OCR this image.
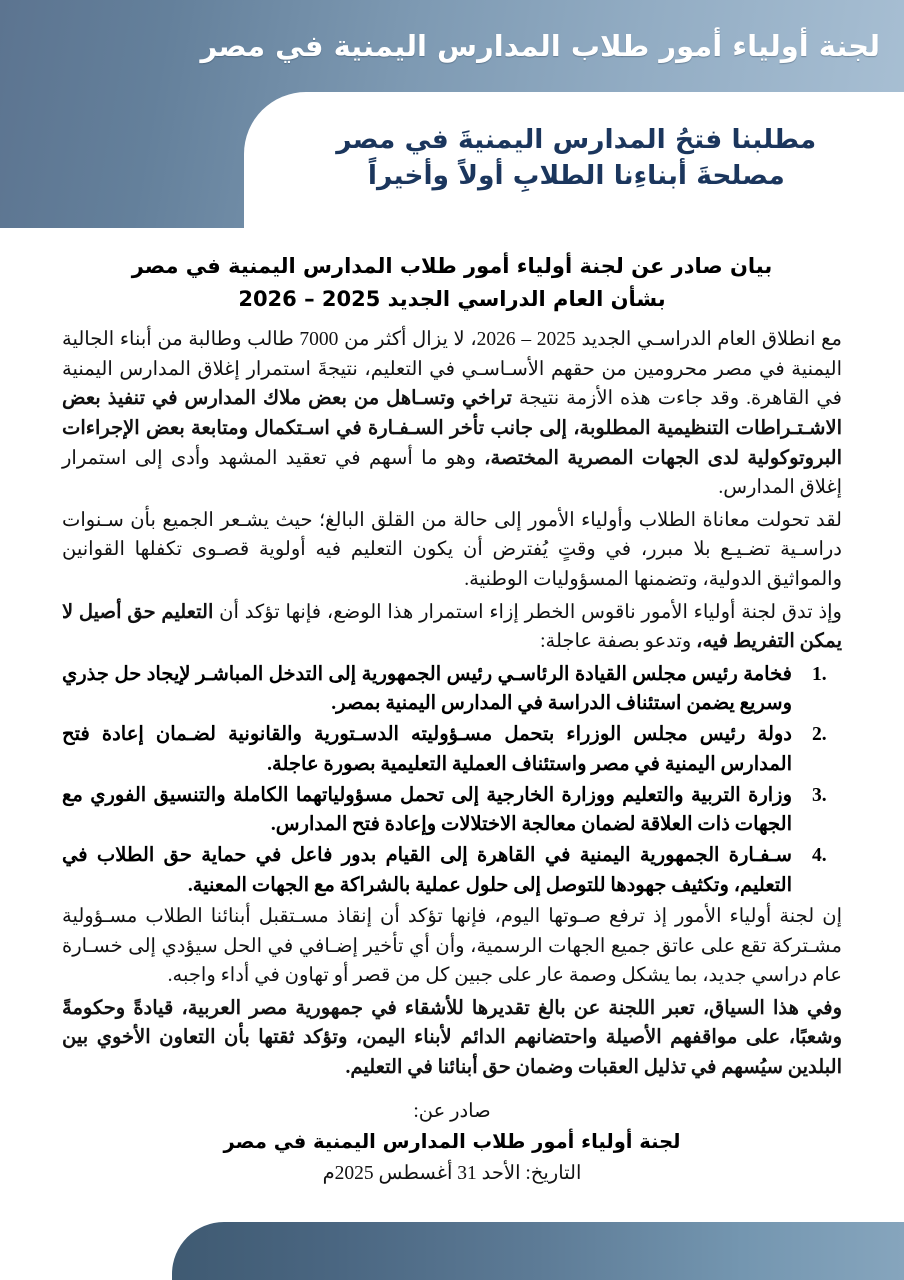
لجنة أولياء أمور طلاب المدارس اليمنية في مصر
مطلبنا فتحُ المدارس اليمنيةَ في مصر
مصلحةَ أبناءِنا الطلابِ أولاً وأخيراً
بيان صادر عن لجنة أولياء أمور طلاب المدارس اليمنية في مصر
بشأن العام الدراسي الجديد 2025 – 2026

مع انطلاق العام الدراسـي الجديد 2025 – 2026، لا يزال أكثر من 7000 طالب وطالبة من أبناء الجالية اليمنية في مصر محرومين من حقهم الأسـاسـي في التعليم، نتيجةَ استمرار إغلاق المدارس اليمنية في القاهرة. وقد جاءت هذه الأزمة نتيجة تراخي وتسـاهل من بعض ملاك المدارس في تنفيذ بعض الاشـتـراطات التنظيمية المطلوبة، إلى جانب تأخر السـفـارة في اسـتكمال ومتابعة بعض الإجراءات البروتوكولية لدى الجهات المصرية المختصة، وهو ما أسهم في تعقيد المشهد وأدى إلى استمرار إغلاق المدارس.

لقد تحولت معاناة الطلاب وأولياء الأمور إلى حالة من القلق البالغ؛ حيث يشـعر الجميع بأن سـنوات دراسـية تضـيـع بلا مبرر، في وقتٍ يُفترض أن يكون التعليم فيه أولوية قصـوى تكفلها القوانين والمواثيق الدولية، وتضمنها المسؤوليات الوطنية.

وإذ تدق لجنة أولياء الأمور ناقوس الخطر إزاء استمرار هذا الوضع، فإنها تؤكد أن التعليم حق أصيل لا يمكن التفريط فيه، وتدعو بصفة عاجلة:

فخامة رئيس مجلس القيادة الرئاسـي رئيس الجمهورية إلى التدخل المباشـر لإيجاد حل جذري وسريع يضمن استئناف الدراسة في المدارس اليمنية بمصر.
دولة رئيس مجلس الوزراء بتحمل مسـؤوليته الدسـتورية والقانونية لضـمان إعادة فتح المدارس اليمنية في مصر واستئناف العملية التعليمية بصورة عاجلة.
وزارة التربية والتعليم ووزارة الخارجية إلى تحمل مسؤولياتهما الكاملة والتنسيق الفوري مع الجهات ذات العلاقة لضمان معالجة الاختلالات وإعادة فتح المدارس.
سـفـارة الجمهورية اليمنية في القاهرة إلى القيام بدور فاعل في حماية حق الطلاب في التعليم، وتكثيف جهودها للتوصل إلى حلول عملية بالشراكة مع الجهات المعنية.

إن لجنة أولياء الأمور إذ ترفع صـوتها اليوم، فإنها تؤكد أن إنقاذ مسـتقبل أبنائنا الطلاب مسـؤولية مشـتركة تقع على عاتق جميع الجهات الرسمية، وأن أي تأخير إضـافي في الحل سيؤدي إلى خسـارة عام دراسي جديد، بما يشكل وصمة عار على جبين كل من قصر أو تهاون في أداء واجبه.

وفي هذا السياق، تعبر اللجنة عن بالغ تقديرها للأشقاء في جمهورية مصر العربية، قيادةً وحكومةً وشعبًا، على مواقفهم الأصيلة واحتضانهم الدائم لأبناء اليمن، وتؤكد ثقتها بأن التعاون الأخوي بين البلدين سيُسهم في تذليل العقبات وضمان حق أبنائنا في التعليم.

صادر عن:
لجنة أولياء أمور طلاب المدارس اليمنية في مصر
التاريخ: الأحد 31 أغسطس 2025م
